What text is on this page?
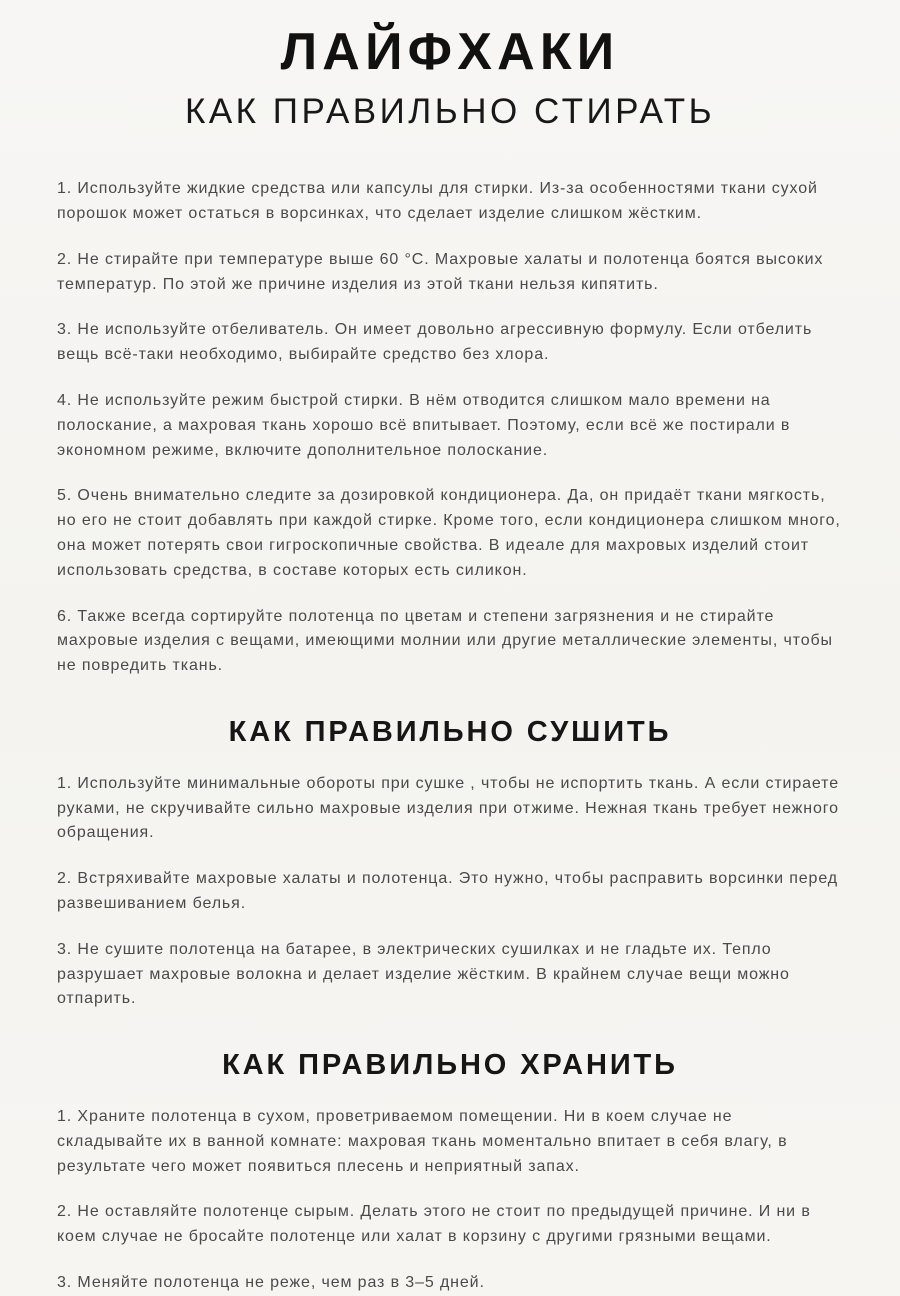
ЛАЙФХАКИ
КАК ПРАВИЛЬНО СТИРАТЬ

1. Используйте жидкие средства или капсулы для стирки. Из-за особенностями ткани сухой порошок может остаться в ворсинках, что сделает изделие слишком жёстким.

2. Не стирайте при температуре выше 60 °С. Махровые халаты и полотенца боятся высоких температур. По этой же причине изделия из этой ткани нельзя кипятить.

3. Не используйте отбеливатель. Он имеет довольно агрессивную формулу. Если отбелить вещь всё-таки необходимо, выбирайте средство без хлора.

4. Не используйте режим быстрой стирки. В нём отводится слишком мало времени на полоскание, а махровая ткань хорошо всё впитывает. Поэтому, если всё же постирали в экономном режиме, включите дополнительное полоскание.

5. Очень внимательно следите за дозировкой кондиционера. Да, он придаёт ткани мягкость, но его не стоит добавлять при каждой стирке. Кроме того, если кондиционера слишком много, она может потерять свои гигроскопичные свойства. В идеале для махровых изделий стоит использовать средства, в составе которых есть силикон.

6. Также всегда сортируйте полотенца по цветам и степени загрязнения и не стирайте махровые изделия с вещами, имеющими молнии или другие металлические элементы, чтобы не повредить ткань.

КАК ПРАВИЛЬНО СУШИТЬ

1. Используйте минимальные обороты при сушке , чтобы не испортить ткань. А если стираете руками, не скручивайте сильно махровые изделия при отжиме. Нежная ткань требует нежного обращения.

2. Встряхивайте махровые халаты и полотенца. Это нужно, чтобы расправить ворсинки перед развешиванием белья.

3. Не сушите полотенца на батарее, в электрических сушилках и не гладьте их. Тепло разрушает махровые волокна и делает изделие жёстким. В крайнем случае вещи можно отпарить.

КАК ПРАВИЛЬНО ХРАНИТЬ

1. Храните полотенца в сухом, проветриваемом помещении. Ни в коем случае не складывайте их в ванной комнате: махровая ткань моментально впитает в себя влагу, в результате чего может появиться плесень и неприятный запах.

2. Не оставляйте полотенце сырым. Делать этого не стоит по предыдущей причине. И ни в коем случае не бросайте полотенце или халат в корзину с другими грязными вещами.

3. Меняйте полотенца не реже, чем раз в 3–5 дней.
